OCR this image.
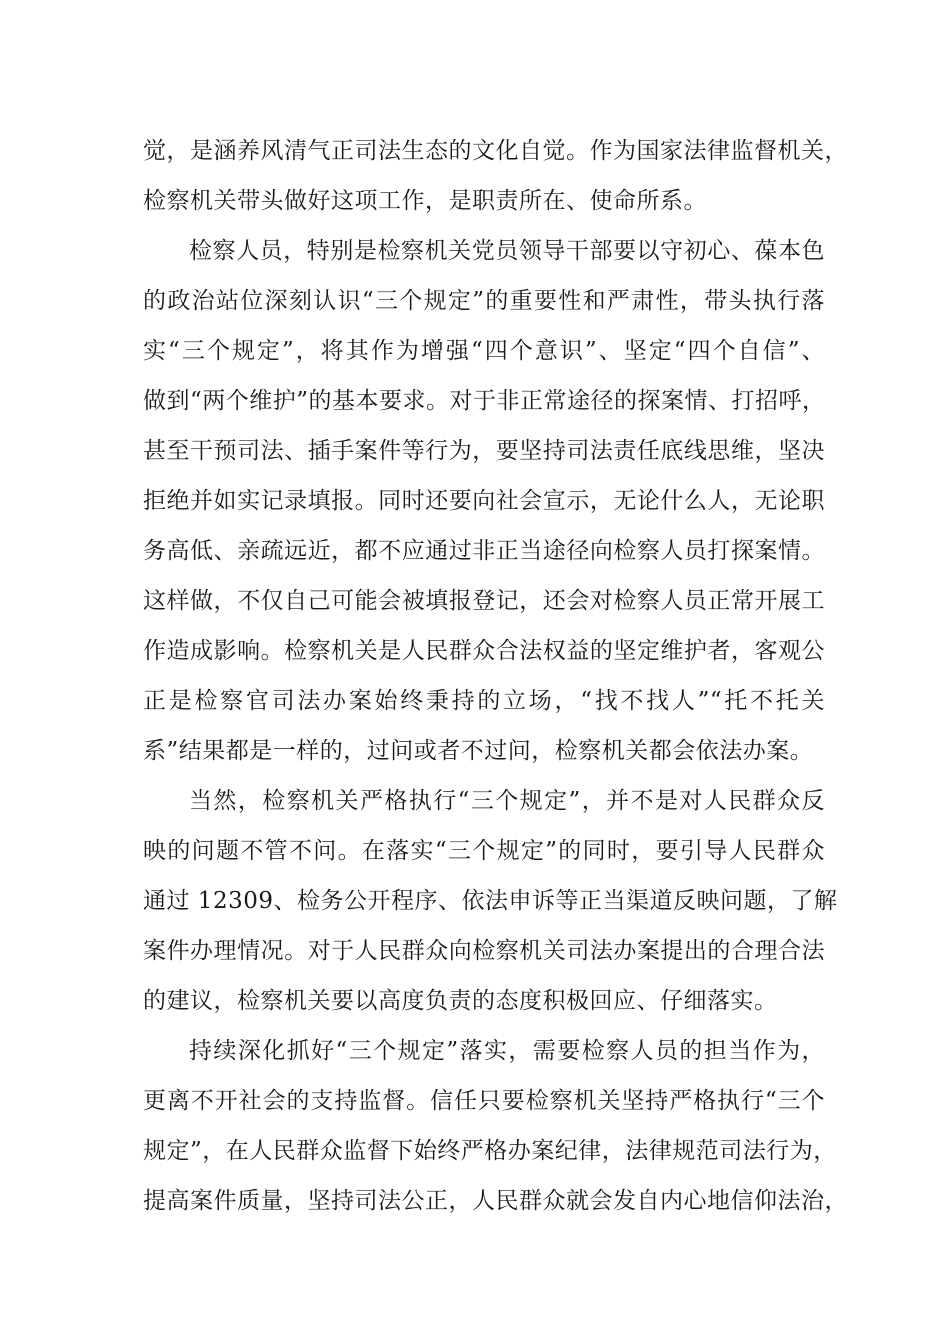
觉，是涵养风清气正司法生态的文化自觉。作为国家法律监督机关，
检察机关带头做好这项工作，是职责所在、使命所系。
检察人员，特别是检察机关党员领导干部要以守初心、葆本色
的政治站位深刻认识“三个规定”的重要性和严肃性，带头执行落
实“三个规定”，将其作为增强“四个意识”、坚定“四个自信”、
做到“两个维护”的基本要求。对于非正常途径的探案情、打招呼，
甚至干预司法、插手案件等行为，要坚持司法责任底线思维，坚决
拒绝并如实记录填报。同时还要向社会宣示，无论什么人，无论职
务高低、亲疏远近，都不应通过非正当途径向检察人员打探案情。
这样做，不仅自己可能会被填报登记，还会对检察人员正常开展工
作造成影响。检察机关是人民群众合法权益的坚定维护者，客观公
正是检察官司法办案始终秉持的立场，“找不找人”“托不托关
系”结果都是一样的，过问或者不过问，检察机关都会依法办案。
当然，检察机关严格执行“三个规定”，并不是对人民群众反
映的问题不管不问。在落实“三个规定”的同时，要引导人民群众
通过 12309、检务公开程序、依法申诉等正当渠道反映问题，了解
案件办理情况。对于人民群众向检察机关司法办案提出的合理合法
的建议，检察机关要以高度负责的态度积极回应、仔细落实。
持续深化抓好“三个规定”落实，需要检察人员的担当作为，
更离不开社会的支持监督。信任只要检察机关坚持严格执行“三个
规定”，在人民群众监督下始终严格办案纪律，法律规范司法行为，
提高案件质量，坚持司法公正，人民群众就会发自内心地信仰法治，
